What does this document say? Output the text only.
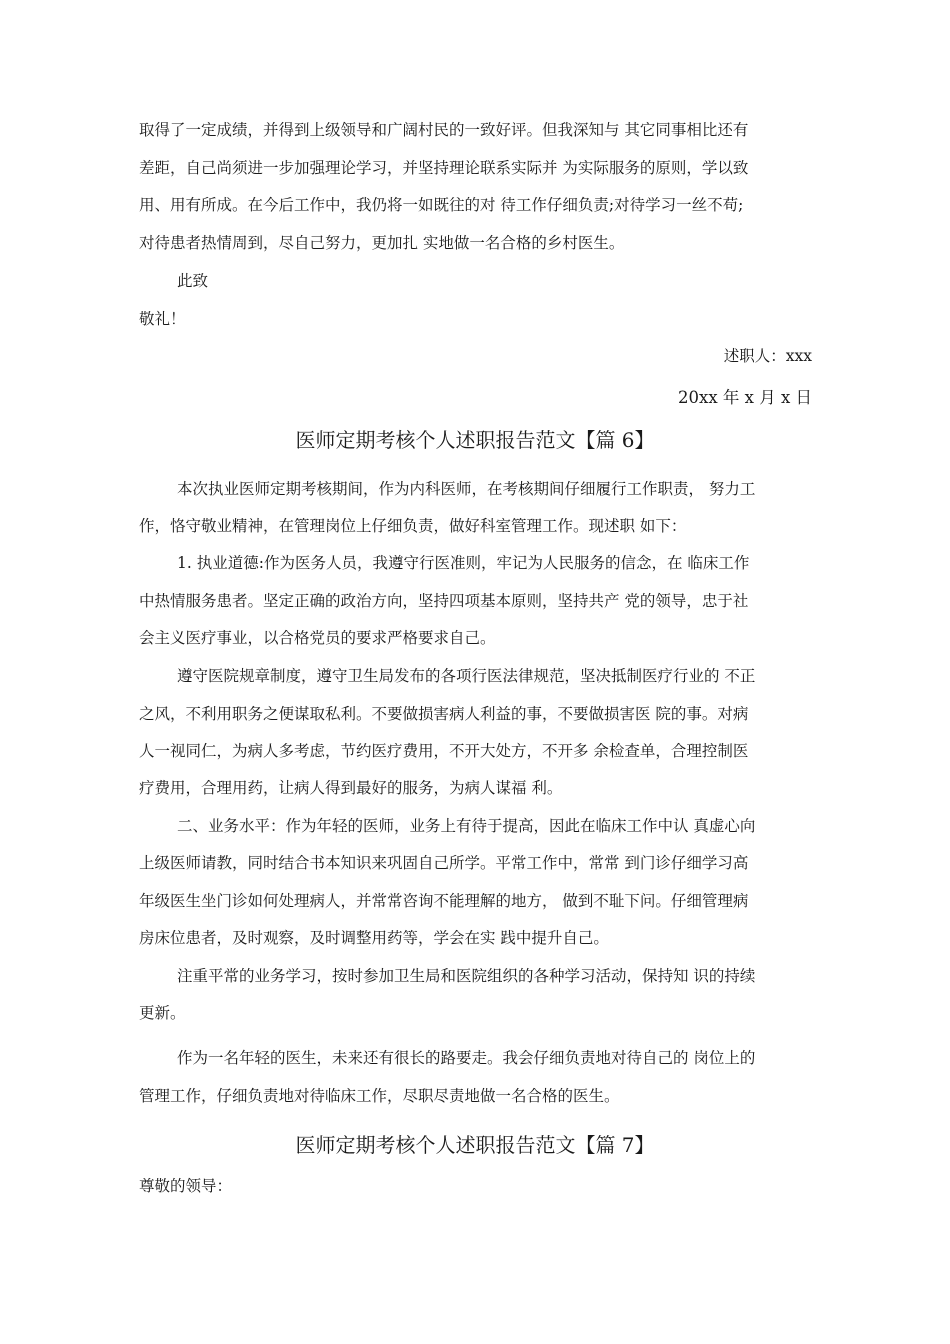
取得了一定成绩，并得到上级领导和广阔村民的一致好评。但我深知与 其它同事相比还有
差距，自己尚须进一步加强理论学习，并坚持理论联系实际并 为实际服务的原则，学以致
用、用有所成。在今后工作中，我仍将一如既往的对 待工作仔细负责;对待学习一丝不苟;
对待患者热情周到，尽自己努力，更加扎 实地做一名合格的乡村医生。
此致
敬礼！
述职人：xxx
20xx 年 x 月 x 日
医师定期考核个人述职报告范文【篇 6】
本次执业医师定期考核期间，作为内科医师，在考核期间仔细履行工作职责， 努力工
作，恪守敬业精神，在管理岗位上仔细负责，做好科室管理工作。现述职 如下：
1. 执业道德:作为医务人员，我遵守行医准则，牢记为人民服务的信念，在 临床工作
中热情服务患者。坚定正确的政治方向，坚持四项基本原则，坚持共产 党的领导，忠于社
会主义医疗事业，以合格党员的要求严格要求自己。
遵守医院规章制度，遵守卫生局发布的各项行医法律规范，坚决抵制医疗行业的 不正
之风，不利用职务之便谋取私利。不要做损害病人利益的事，不要做损害医 院的事。对病
人一视同仁，为病人多考虑，节约医疗费用，不开大处方，不开多 余检查单，合理控制医
疗费用，合理用药，让病人得到最好的服务，为病人谋福 利。
二、业务水平：作为年轻的医师，业务上有待于提高，因此在临床工作中认 真虚心向
上级医师请教，同时结合书本知识来巩固自己所学。平常工作中，常常 到门诊仔细学习高
年级医生坐门诊如何处理病人，并常常咨询不能理解的地方， 做到不耻下问。仔细管理病
房床位患者，及时观察，及时调整用药等，学会在实 践中提升自己。
注重平常的业务学习，按时参加卫生局和医院组织的各种学习活动，保持知 识的持续
更新。
作为一名年轻的医生，未来还有很长的路要走。我会仔细负责地对待自己的 岗位上的
管理工作，仔细负责地对待临床工作，尽职尽责地做一名合格的医生。
医师定期考核个人述职报告范文【篇 7】
尊敬的领导：
